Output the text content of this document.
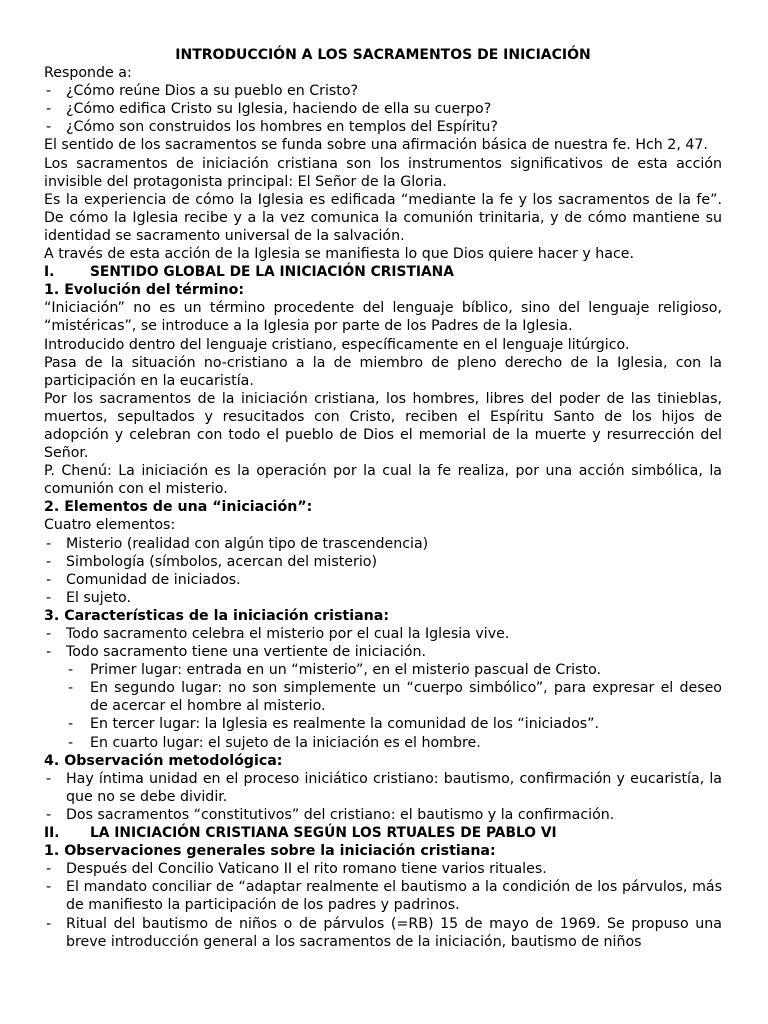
INTRODUCCIÓN A LOS SACRAMENTOS DE INICIACIÓN

Responde a:

- ¿Cómo reúne Dios a su pueblo en Cristo?

- ¿Cómo edifica Cristo su Iglesia, haciendo de ella su cuerpo?

- ¿Cómo son construidos los hombres en templos del Espíritu?

El sentido de los sacramentos se funda sobre una afirmación básica de nuestra fe. Hch 2, 47.

Los sacramentos de iniciación cristiana son los instrumentos significativos de esta acción invisible del protagonista principal: El Señor de la Gloria.

Es la experiencia de cómo la Iglesia es edificada “mediante la fe y los sacramentos de la fe”. De cómo la Iglesia recibe y a la vez comunica la comunión trinitaria, y de cómo mantiene su identidad se sacramento universal de la salvación.

A través de esta acción de la Iglesia se manifiesta lo que Dios quiere hacer y hace.

I.	SENTIDO GLOBAL DE LA INICIACIÓN CRISTIANA

1. Evolución del término:

“Iniciación” no es un término procedente del lenguaje bíblico, sino del lenguaje religioso, “mistéricas”, se introduce a la Iglesia por parte de los Padres de la Iglesia.

Introducido dentro del lenguaje cristiano, específicamente en el lenguaje litúrgico.

Pasa de la situación no-cristiano a la de miembro de pleno derecho de la Iglesia, con la participación en la eucaristía.

Por los sacramentos de la iniciación cristiana, los hombres, libres del poder de las tinieblas, muertos, sepultados y resucitados con Cristo, reciben el Espíritu Santo de los hijos de adopción y celebran con todo el pueblo de Dios el memorial de la muerte y resurrección del Señor.

P. Chenú: La iniciación es la operación por la cual la fe realiza, por una acción simbólica, la comunión con el misterio.

2. Elementos de una “iniciación”:

Cuatro elementos:

- Misterio (realidad con algún tipo de trascendencia)

- Simbología (símbolos, acercan del misterio)

- Comunidad de iniciados.

- El sujeto.

3. Características de la iniciación cristiana:

- Todo sacramento celebra el misterio por el cual la Iglesia vive.

- Todo sacramento tiene una vertiente de iniciación.

- Primer lugar: entrada en un “misterio”, en el misterio pascual de Cristo.

- En segundo lugar: no son simplemente un “cuerpo simbólico”, para expresar el deseo de acercar el hombre al misterio.

- En tercer lugar: la Iglesia es realmente la comunidad de los “iniciados”.

- En cuarto lugar: el sujeto de la iniciación es el hombre.

4. Observación metodológica:

- Hay íntima unidad en el proceso iniciático cristiano: bautismo, confirmación y eucaristía, la que no se debe dividir.

- Dos sacramentos “constitutivos” del cristiano: el bautismo y la confirmación.

II.	LA INICIACIÓN CRISTIANA SEGÚN LOS RTUALES DE PABLO VI

1. Observaciones generales sobre la iniciación cristiana:

- Después del Concilio Vaticano II el rito romano tiene varios rituales.

- El mandato conciliar de “adaptar realmente el bautismo a la condición de los párvulos, más de manifiesto la participación de los padres y padrinos.

- Ritual del bautismo de niños o de párvulos (=RB) 15 de mayo de 1969. Se propuso una breve introducción general a los sacramentos de la iniciación, bautismo de niños
